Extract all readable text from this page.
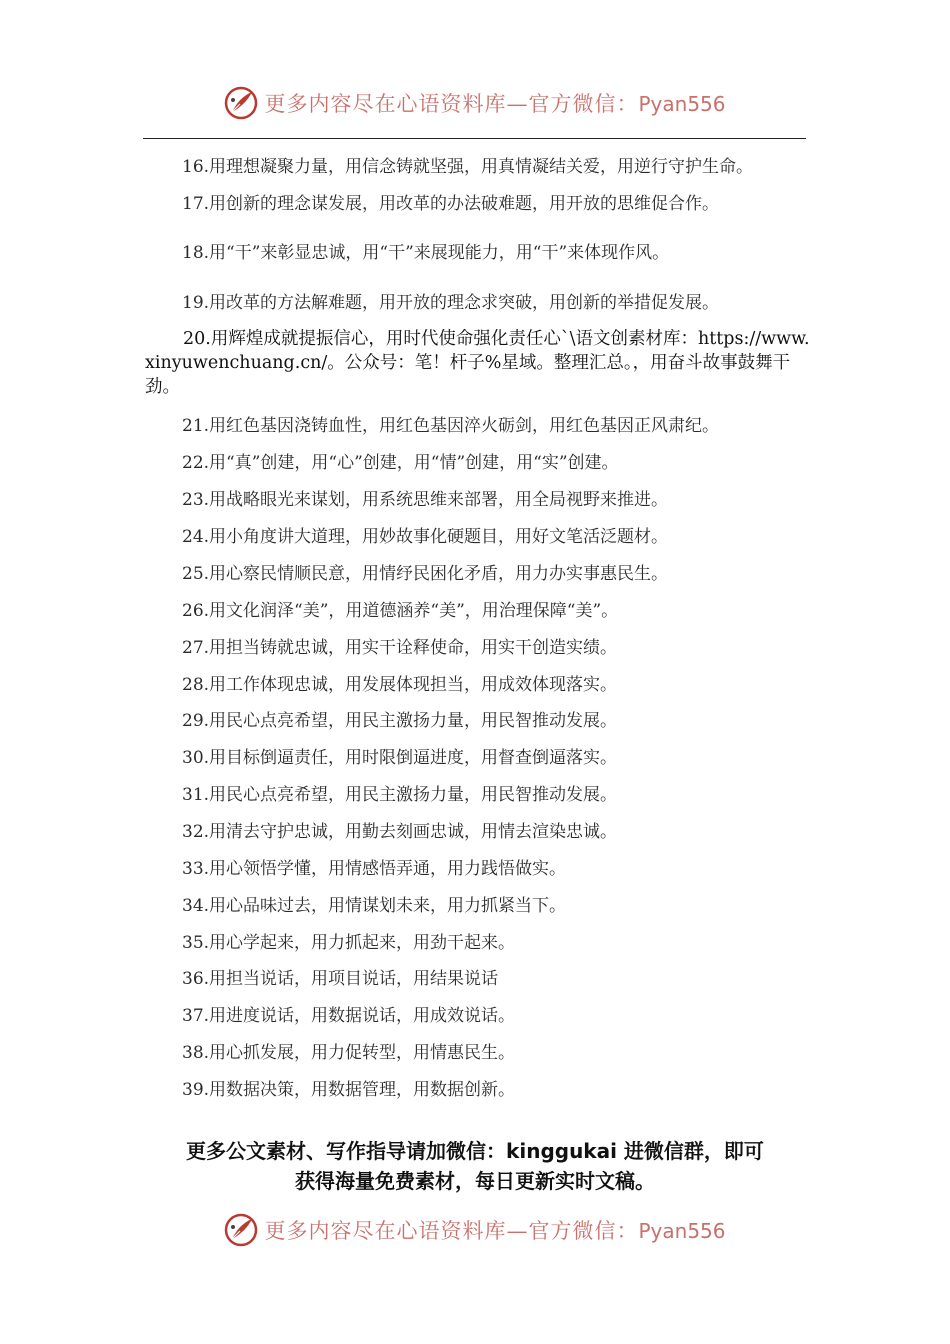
更多内容尽在心语资料库—官方微信：Pyan556
16.用理想凝聚力量，用信念铸就坚强，用真情凝结关爱，用逆行守护生命。
17.用创新的理念谋发展，用改革的办法破难题，用开放的思维促合作。
18.用“干”来彰显忠诚，用“干”来展现能力，用“干”来体现作风。
19.用改革的方法解难题，用开放的理念求突破，用创新的举措促发展。
20.用辉煌成就提振信心，用时代使命强化责任心`\语文创素材库：https://www.xinyuwenchuang.cn/。公众号：笔！杆子%星域。整理汇总。，用奋斗故事鼓舞干劲。
21.用红色基因浇铸血性，用红色基因淬火砺剑，用红色基因正风肃纪。
22.用“真”创建，用“心”创建，用“情”创建，用“实”创建。
23.用战略眼光来谋划，用系统思维来部署，用全局视野来推进。
24.用小角度讲大道理，用妙故事化硬题目，用好文笔活泛题材。
25.用心察民情顺民意，用情纾民困化矛盾，用力办实事惠民生。
26.用文化润泽“美”，用道德涵养“美”，用治理保障“美”。
27.用担当铸就忠诚，用实干诠释使命，用实干创造实绩。
28.用工作体现忠诚，用发展体现担当，用成效体现落实。
29.用民心点亮希望，用民主激扬力量，用民智推动发展。
30.用目标倒逼责任，用时限倒逼进度，用督查倒逼落实。
31.用民心点亮希望，用民主激扬力量，用民智推动发展。
32.用清去守护忠诚，用勤去刻画忠诚，用情去渲染忠诚。
33.用心领悟学懂，用情感悟弄通，用力践悟做实。
34.用心品味过去，用情谋划未来，用力抓紧当下。
35.用心学起来，用力抓起来，用劲干起来。
36.用担当说话，用项目说话，用结果说话
37.用进度说话，用数据说话，用成效说话。
38.用心抓发展，用力促转型，用情惠民生。
39.用数据决策，用数据管理，用数据创新。
更多公文素材、写作指导请加微信：kinggukai 进微信群，即可
获得海量免费素材，每日更新实时文稿。
更多内容尽在心语资料库—官方微信：Pyan556
